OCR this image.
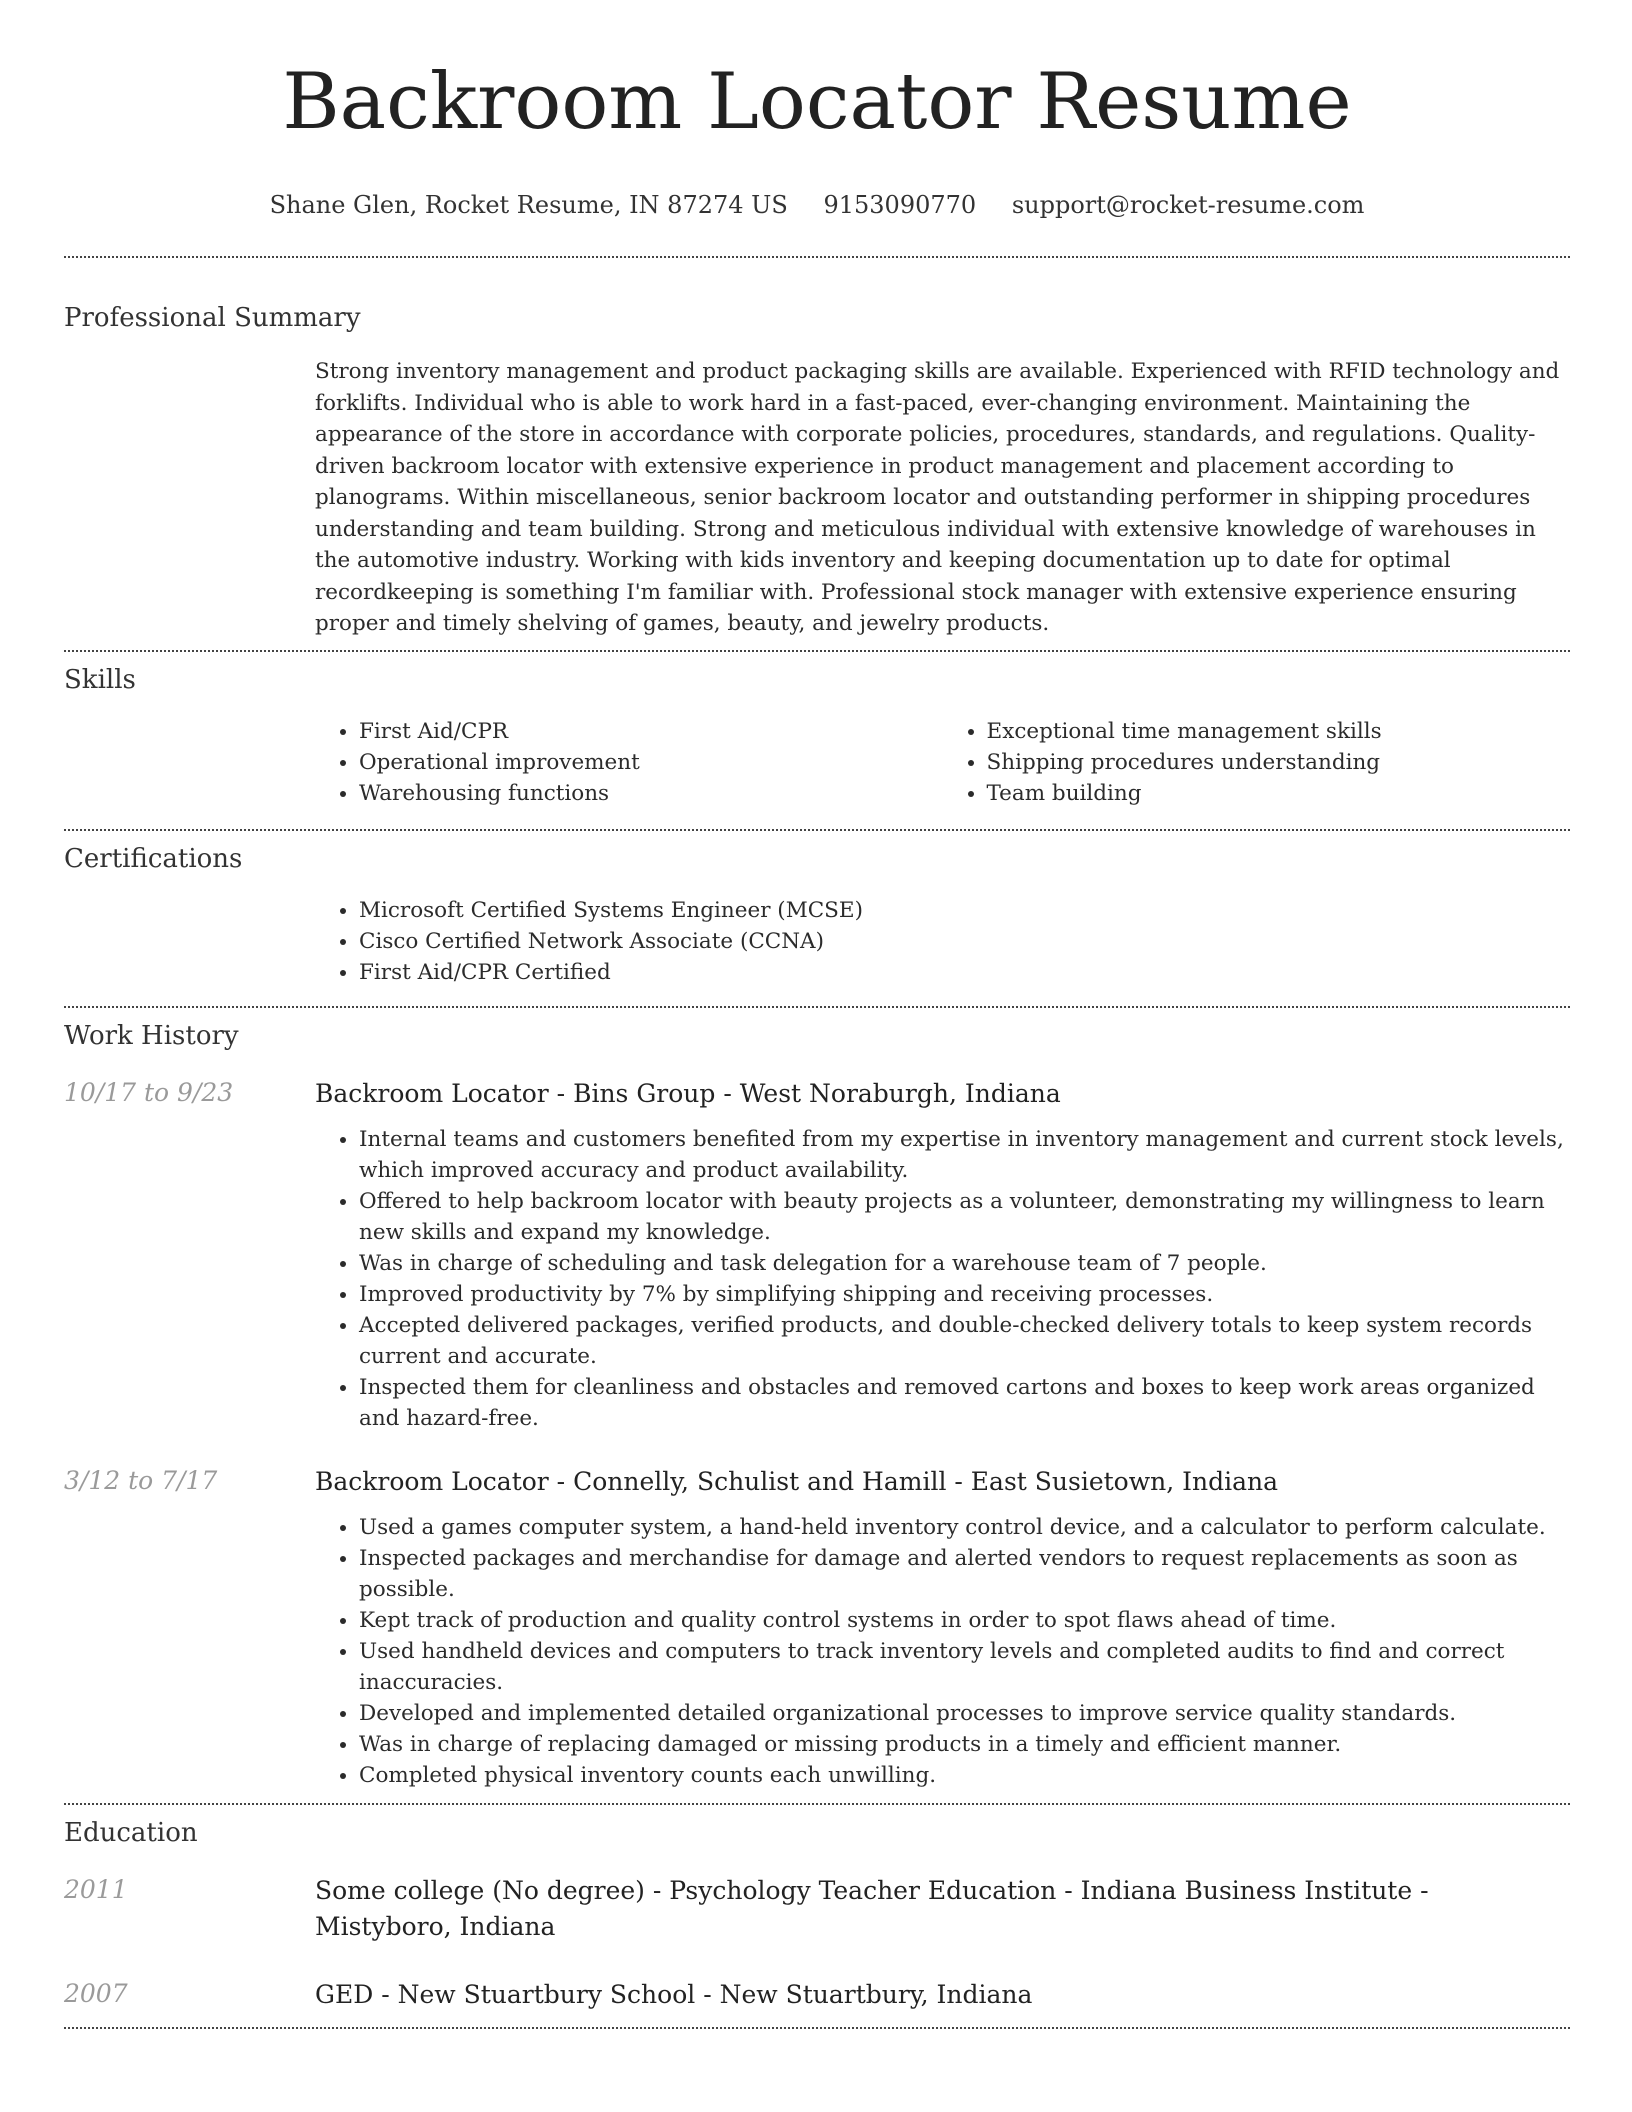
Backroom Locator Resume
Shane Glen, Rocket Resume, IN 87274 US 9153090770 support@rocket-resume.com
Professional Summary
Strong inventory management and product packaging skills are available. Experienced with RFID technology and forklifts. Individual who is able to work hard in a fast-paced, ever-changing environment. Maintaining the appearance of the store in accordance with corporate policies, procedures, standards, and regulations. Quality-driven backroom locator with extensive experience in product management and placement according to planograms. Within miscellaneous, senior backroom locator and outstanding performer in shipping procedures understanding and team building. Strong and meticulous individual with extensive knowledge of warehouses in the automotive industry. Working with kids inventory and keeping documentation up to date for optimal recordkeeping is something I'm familiar with. Professional stock manager with extensive experience ensuring proper and timely shelving of games, beauty, and jewelry products.
Skills
• First Aid/CPR
• Operational improvement
• Warehousing functions
• Exceptional time management skills
• Shipping procedures understanding
• Team building
Certifications
• Microsoft Certified Systems Engineer (MCSE)
• Cisco Certified Network Associate (CCNA)
• First Aid/CPR Certified
Work History
10/17 to 9/23	Backroom Locator - Bins Group - West Noraburgh, Indiana
• Internal teams and customers benefited from my expertise in inventory management and current stock levels, which improved accuracy and product availability.
• Offered to help backroom locator with beauty projects as a volunteer, demonstrating my willingness to learn new skills and expand my knowledge.
• Was in charge of scheduling and task delegation for a warehouse team of 7 people.
• Improved productivity by 7% by simplifying shipping and receiving processes.
• Accepted delivered packages, verified products, and double-checked delivery totals to keep system records current and accurate.
• Inspected them for cleanliness and obstacles and removed cartons and boxes to keep work areas organized and hazard-free.
3/12 to 7/17	Backroom Locator - Connelly, Schulist and Hamill - East Susietown, Indiana
• Used a games computer system, a hand-held inventory control device, and a calculator to perform calculate.
• Inspected packages and merchandise for damage and alerted vendors to request replacements as soon as possible.
• Kept track of production and quality control systems in order to spot flaws ahead of time.
• Used handheld devices and computers to track inventory levels and completed audits to find and correct inaccuracies.
• Developed and implemented detailed organizational processes to improve service quality standards.
• Was in charge of replacing damaged or missing products in a timely and efficient manner.
• Completed physical inventory counts each unwilling.
Education
2011	Some college (No degree) - Psychology Teacher Education - Indiana Business Institute - Mistyboro, Indiana
2007	GED - New Stuartbury School - New Stuartbury, Indiana
